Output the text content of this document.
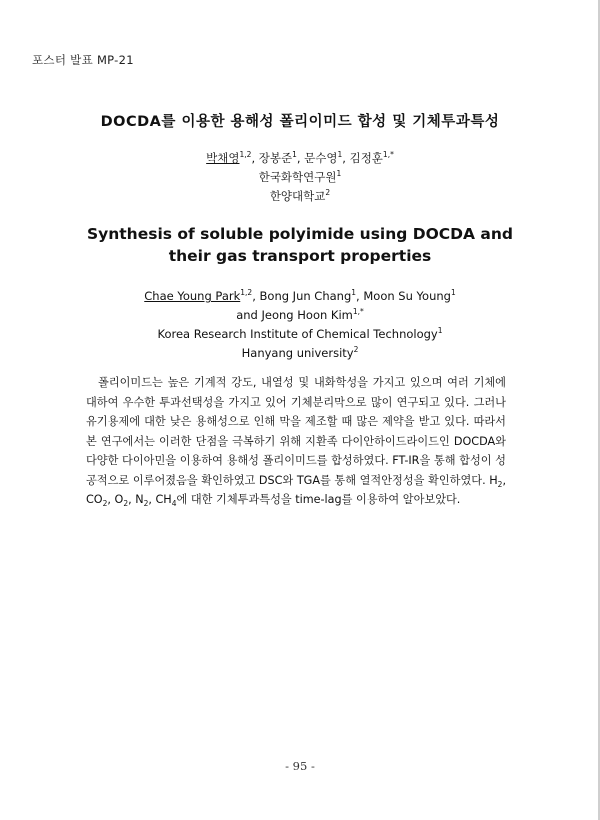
포스터 발표 MP-21
DOCDA를 이용한 용해성 폴리이미드 합성 및 기체투과특성
박채영$^{1,2}$, 장봉준$^1$, 문수영$^1$, 김정훈$^{1,*}$
한국화학연구원$^1$
한양대학교$^2$
Synthesis of soluble polyimide using DOCDA and
their gas transport properties
Chae Young Park$^{1,2}$, Bong Jun Chang$^1$, Moon Su Young$^1$
and Jeong Hoon Kim$^{1,*}$
Korea Research Institute of Chemical Technology$^1$
Hanyang university$^2$

폴리이미드는 높은 기계적 강도, 내열성 및 내화학성을 가지고 있으며 여러 기체에 대하여 우수한 투과선택성을 가지고 있어 기체분리막으로 많이 연구되고 있다. 그러나 유기용제에 대한 낮은 용해성으로 인해 막을 제조할 때 많은 제약을 받고 있다. 따라서 본 연구에서는 이러한 단점을 극복하기 위해 지환족 다이안하이드라이드인 DOCDA와 다양한 다이아민을 이용하여 용해성 폴리이미드를 합성하였다. FT-IR을 통해 합성이 성공적으로 이루어졌음을 확인하였고 DSC와 TGA를 통해 열적안정성을 확인하였다. $H_2$, $CO_2$, $O_2$, $N_2$, $CH_4$에 대한 기체투과특성을 time-lag를 이용하여 알아보았다.

- 95 -
